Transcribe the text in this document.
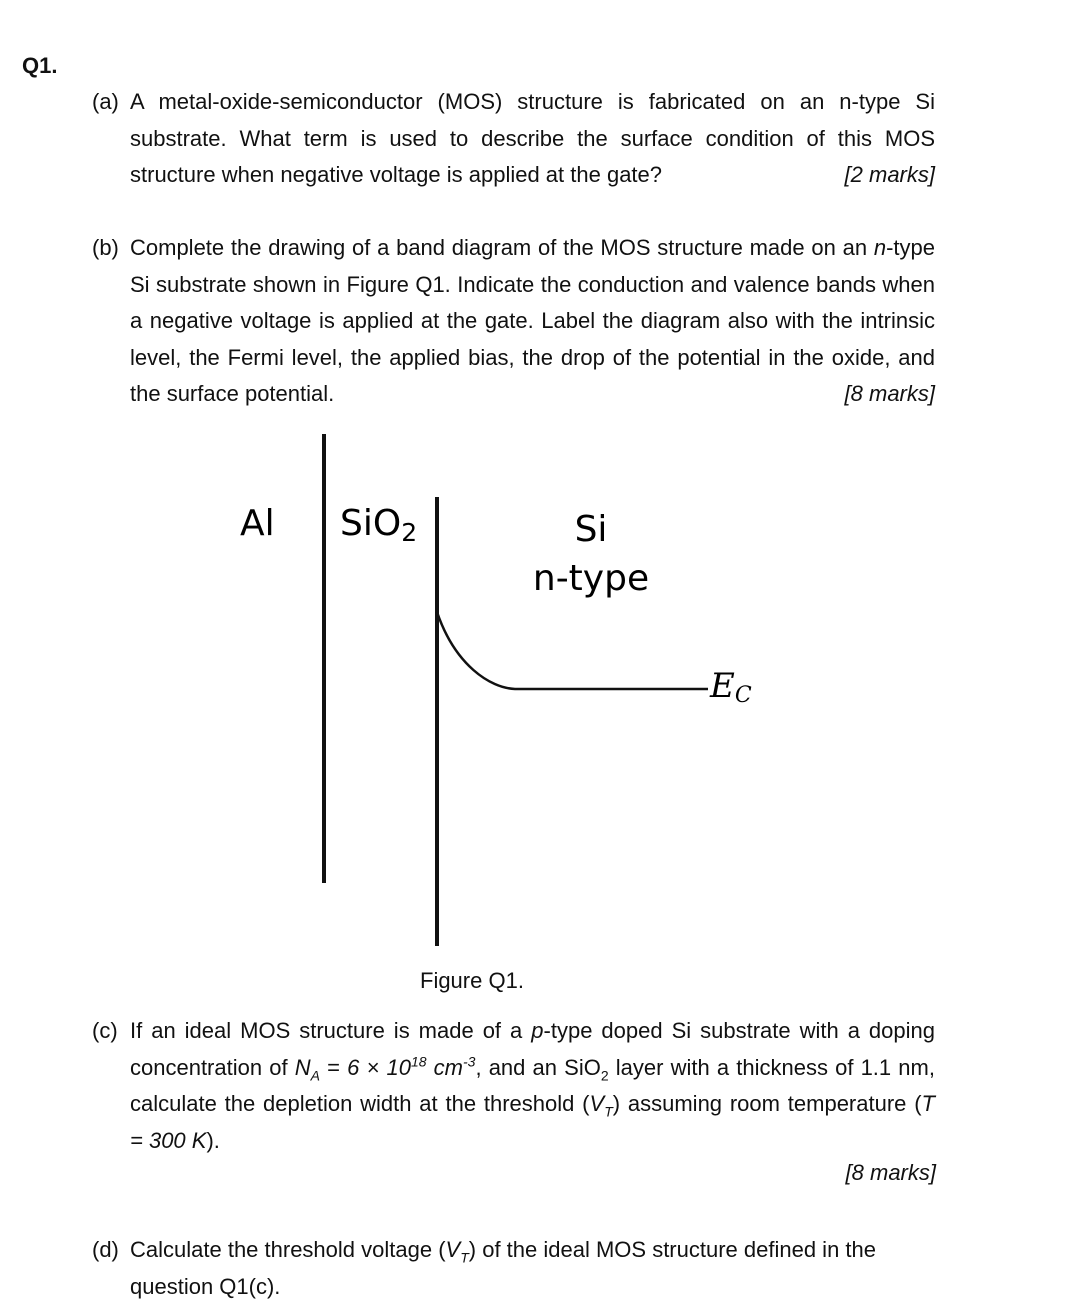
Q1.
(a) A metal-oxide-semiconductor (MOS) structure is fabricated on an n-type Si substrate. What term is used to describe the surface condition of this MOS structure when negative voltage is applied at the gate?	[2 marks]
(b) Complete the drawing of a band diagram of the MOS structure made on an n-type Si substrate shown in Figure Q1. Indicate the conduction and valence bands when a negative voltage is applied at the gate. Label the diagram also with the intrinsic level, the Fermi level, the applied bias, the drop of the potential in the oxide, and the surface potential.	[8 marks]
Al SiO2	Si
n-type
EC
Figure Q1.
(c) If an ideal MOS structure is made of a p-type doped Si substrate with a doping concentration of $N_A = 6 \times 10^{18}$ $cm^{-3}$, and an SiO$_2$ layer with a thickness of 1.1 nm, calculate the depletion width at the threshold $(V_T)$ assuming room temperature (T = 300 K).
[8 marks]
(d) Calculate the threshold voltage $(V_T)$ of the ideal MOS structure defined in the question Q1(c).
